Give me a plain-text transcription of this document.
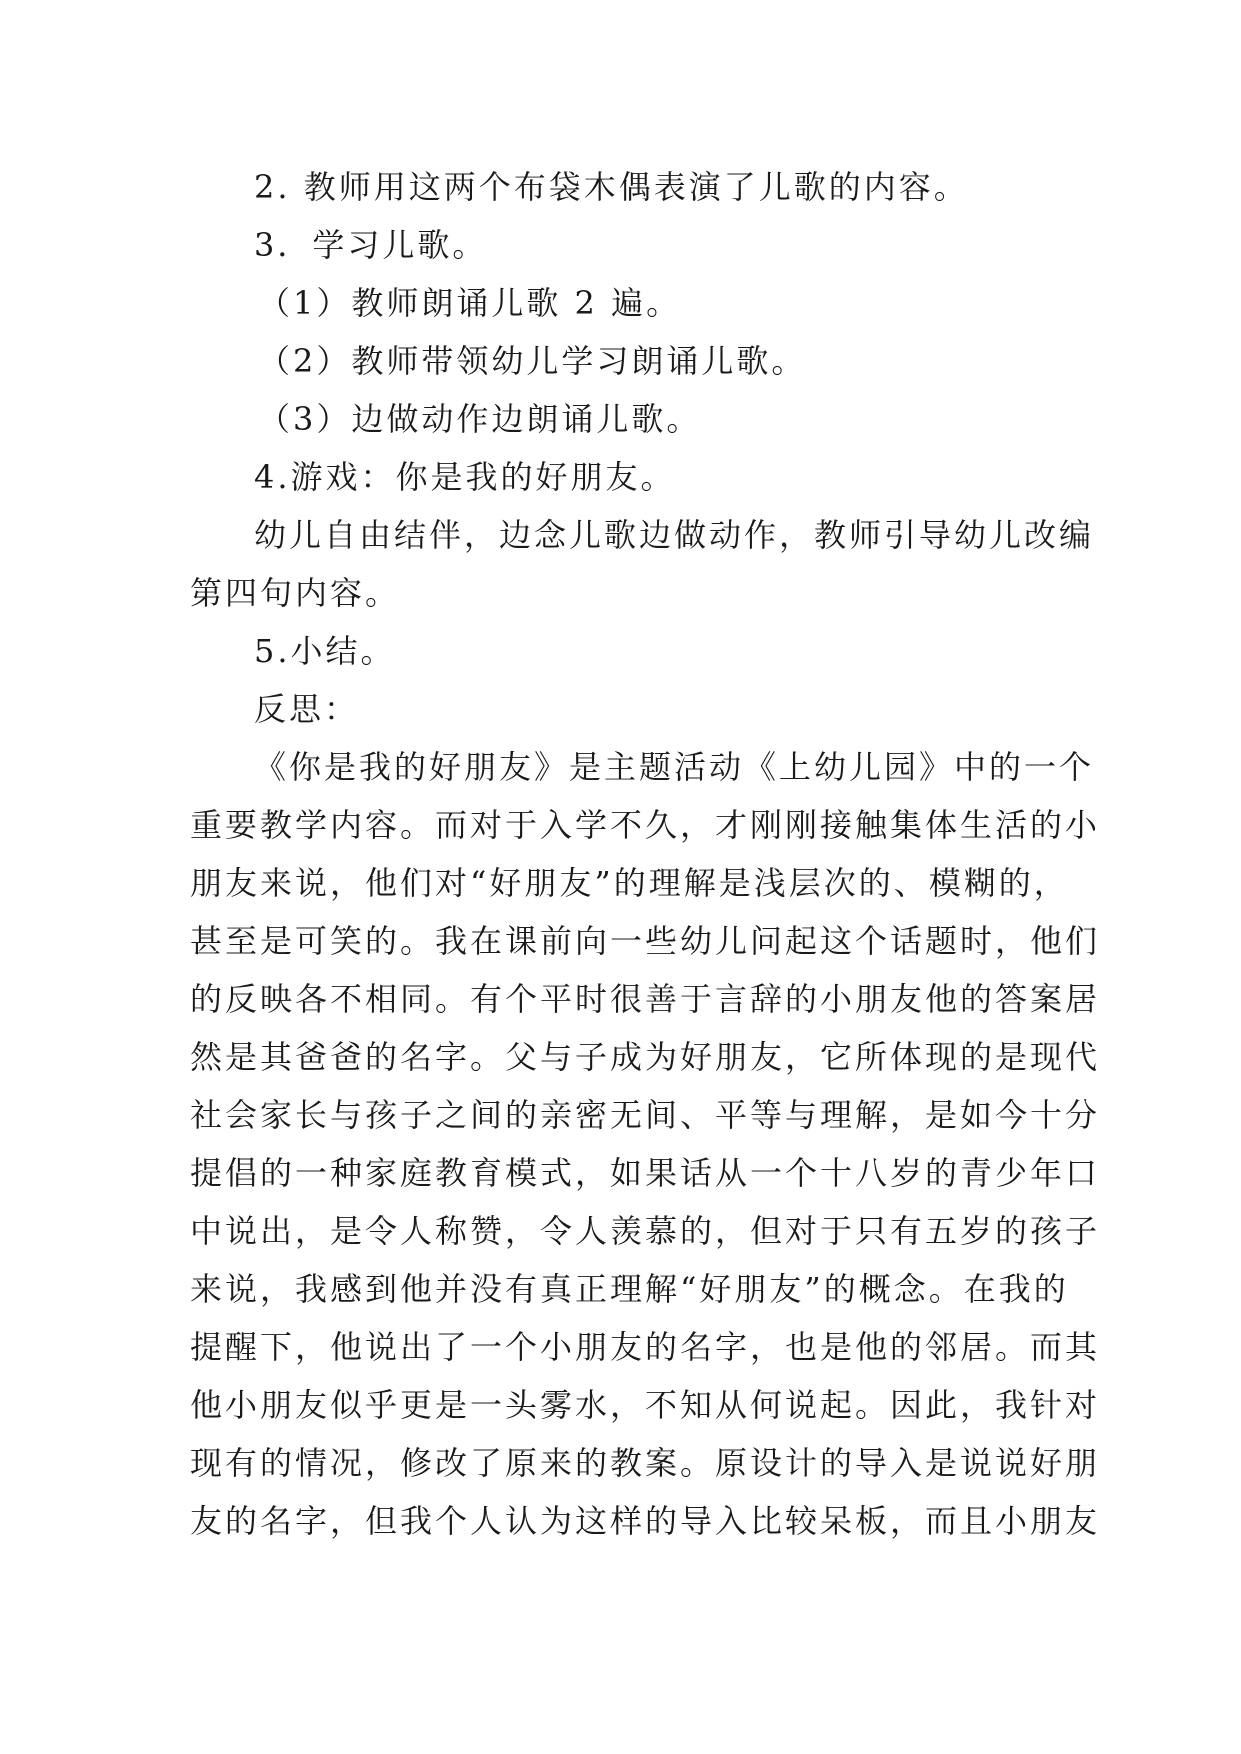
2. 教师用这两个布袋木偶表演了儿歌的内容。
3．学习儿歌。
（1）教师朗诵儿歌 2 遍。
（2）教师带领幼儿学习朗诵儿歌。
（3）边做动作边朗诵儿歌。
4.游戏：你是我的好朋友。
幼儿自由结伴，边念儿歌边做动作，教师引导幼儿改编
第四句内容。
5.小结。
反思：
《你是我的好朋友》是主题活动《上幼儿园》中的一个
重要教学内容。而对于入学不久，才刚刚接触集体生活的小
朋友来说，他们对“好朋友”的理解是浅层次的、模糊的，
甚至是可笑的。我在课前向一些幼儿问起这个话题时，他们
的反映各不相同。有个平时很善于言辞的小朋友他的答案居
然是其爸爸的名字。父与子成为好朋友，它所体现的是现代
社会家长与孩子之间的亲密无间、平等与理解，是如今十分
提倡的一种家庭教育模式，如果话从一个十八岁的青少年口
中说出，是令人称赞，令人羡慕的，但对于只有五岁的孩子
来说，我感到他并没有真正理解“好朋友”的概念。在我的
提醒下，他说出了一个小朋友的名字，也是他的邻居。而其
他小朋友似乎更是一头雾水，不知从何说起。因此，我针对
现有的情况，修改了原来的教案。原设计的导入是说说好朋
友的名字，但我个人认为这样的导入比较呆板，而且小朋友
